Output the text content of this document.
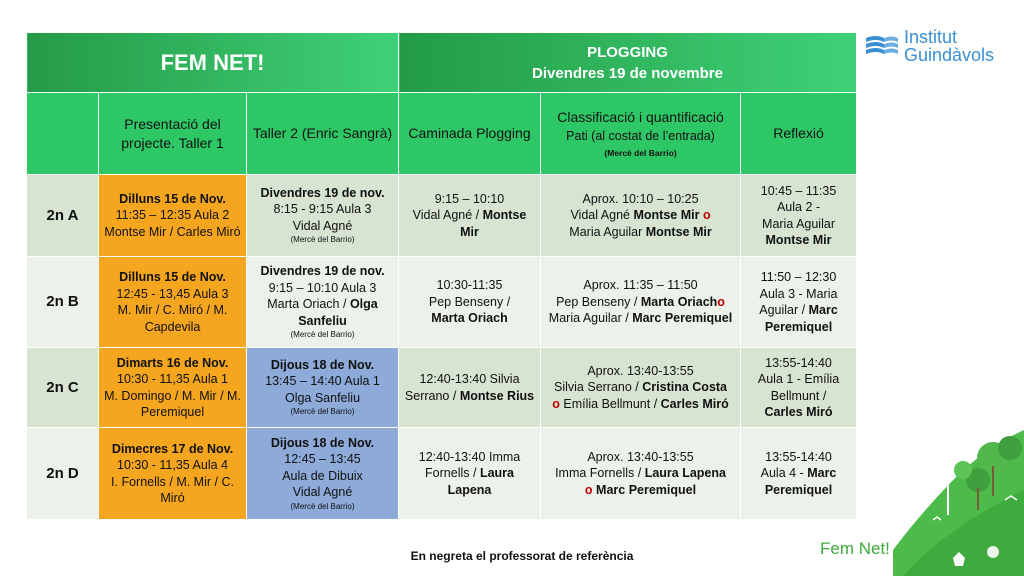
FEM NET!			PLOGGING
Divendres 19 de novembre		
	Presentació del projecte. Taller 1	Taller 2 (Enric Sangrà)	Caminada Plogging	Classificació i quantificació
Pati (al costat de l’entrada)
(Mercè del Barrio)	Reflexió
2n A	Dilluns 15 de Nov.
11:35 – 12:35 Aula 2
Montse Mir / Carles Miró	Divendres 19 de nov.
8:15 - 9:15 Aula 3
Vidal Agné
(Mercè del Barrio)	9:15 – 10:10
Vidal Agné / Montse Mir	Aprox. 10:10 – 10:25
Vidal Agné Montse Mir o
Maria Aguilar Montse Mir	10:45 – 11:35
Aula 2 -
Maria Aguilar
Montse Mir
2n B	Dilluns 15 de Nov.
12:45 - 13,45 Aula 3
M. Mir / C. Miró / M. Capdevila	Divendres 19 de nov.
9:15 – 10:10 Aula 3
Marta Oriach / Olga Sanfeliu
(Mercè del Barrio)	10:30-11:35
Pep Benseny /
Marta Oriach	Aprox. 11:35 – 11:50
Pep Benseny / Marta Oriacho
Maria Aguilar / Marc Peremiquel	11:50 – 12:30
Aula 3 - Maria Aguilar / Marc Peremiquel
2n C	Dimarts 16 de Nov.
10:30 - 11,35 Aula 1
M. Domingo / M. Mir / M. Peremiquel	Dijous 18 de Nov.
13:45 – 14:40 Aula 1
Olga Sanfeliu
(Mercè del Barrio)	12:40-13:40 Silvia Serrano / Montse Rius	Aprox. 13:40-13:55
Silvia Serrano / Cristina Costa
o Emília Bellmunt / Carles Miró	13:55-14:40
Aula 1 - Emília Bellmunt /
Carles Miró
2n D	Dimecres 17 de Nov.
10:30 - 11,35 Aula 4
I. Fornells / M. Mir / C. Miró	Dijous 18 de Nov.
12:45 – 13:45
Aula de Dibuix
Vidal Agné
(Mercè del Barrio)	12:40-13:40 Imma Fornells / Laura Lapena	Aprox. 13:40-13:55
Imma Fornells / Laura Lapena
o Marc Peremiquel	13:55-14:40
Aula 4 - Marc Peremiquel
Institut
Guindàvols
En negreta el professorat de referència	Fem Net!
